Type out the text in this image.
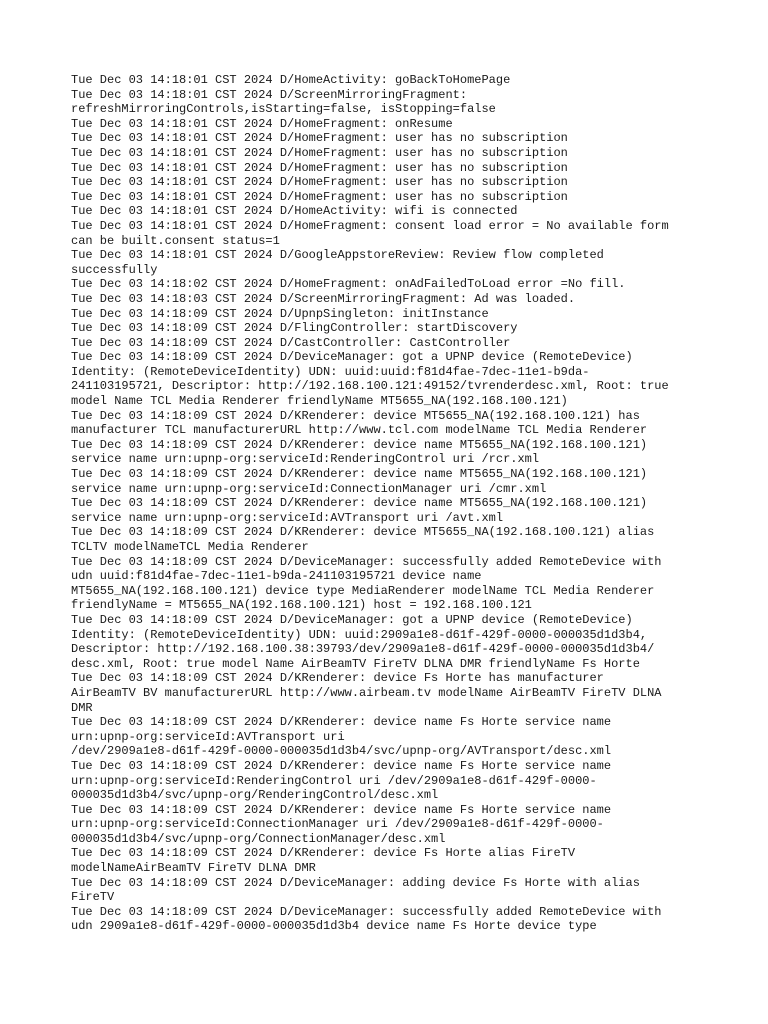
Tue Dec 03 14:18:01 CST 2024 D/HomeActivity: goBackToHomePage
Tue Dec 03 14:18:01 CST 2024 D/ScreenMirroringFragment:
refreshMirroringControls,isStarting=false, isStopping=false
Tue Dec 03 14:18:01 CST 2024 D/HomeFragment: onResume
Tue Dec 03 14:18:01 CST 2024 D/HomeFragment: user has no subscription
Tue Dec 03 14:18:01 CST 2024 D/HomeFragment: user has no subscription
Tue Dec 03 14:18:01 CST 2024 D/HomeFragment: user has no subscription
Tue Dec 03 14:18:01 CST 2024 D/HomeFragment: user has no subscription
Tue Dec 03 14:18:01 CST 2024 D/HomeFragment: user has no subscription
Tue Dec 03 14:18:01 CST 2024 D/HomeActivity: wifi is connected
Tue Dec 03 14:18:01 CST 2024 D/HomeFragment: consent load error = No available form
can be built.consent status=1
Tue Dec 03 14:18:01 CST 2024 D/GoogleAppstoreReview: Review flow completed
successfully
Tue Dec 03 14:18:02 CST 2024 D/HomeFragment: onAdFailedToLoad error =No fill.
Tue Dec 03 14:18:03 CST 2024 D/ScreenMirroringFragment: Ad was loaded.
Tue Dec 03 14:18:09 CST 2024 D/UpnpSingleton: initInstance
Tue Dec 03 14:18:09 CST 2024 D/FlingController: startDiscovery
Tue Dec 03 14:18:09 CST 2024 D/CastController: CastController
Tue Dec 03 14:18:09 CST 2024 D/DeviceManager: got a UPNP device (RemoteDevice)
Identity: (RemoteDeviceIdentity) UDN: uuid:uuid:f81d4fae-7dec-11e1-b9da-
241103195721, Descriptor: http://192.168.100.121:49152/tvrenderdesc.xml, Root: true
model Name TCL Media Renderer friendlyName MT5655_NA(192.168.100.121)
Tue Dec 03 14:18:09 CST 2024 D/KRenderer: device MT5655_NA(192.168.100.121) has
manufacturer TCL manufacturerURL http://www.tcl.com modelName TCL Media Renderer
Tue Dec 03 14:18:09 CST 2024 D/KRenderer: device name MT5655_NA(192.168.100.121)
service name urn:upnp-org:serviceId:RenderingControl uri /rcr.xml
Tue Dec 03 14:18:09 CST 2024 D/KRenderer: device name MT5655_NA(192.168.100.121)
service name urn:upnp-org:serviceId:ConnectionManager uri /cmr.xml
Tue Dec 03 14:18:09 CST 2024 D/KRenderer: device name MT5655_NA(192.168.100.121)
service name urn:upnp-org:serviceId:AVTransport uri /avt.xml
Tue Dec 03 14:18:09 CST 2024 D/KRenderer: device MT5655_NA(192.168.100.121) alias
TCLTV modelNameTCL Media Renderer
Tue Dec 03 14:18:09 CST 2024 D/DeviceManager: successfully added RemoteDevice with
udn uuid:f81d4fae-7dec-11e1-b9da-241103195721 device name
MT5655_NA(192.168.100.121) device type MediaRenderer modelName TCL Media Renderer
friendlyName = MT5655_NA(192.168.100.121) host = 192.168.100.121
Tue Dec 03 14:18:09 CST 2024 D/DeviceManager: got a UPNP device (RemoteDevice)
Identity: (RemoteDeviceIdentity) UDN: uuid:2909a1e8-d61f-429f-0000-000035d1d3b4,
Descriptor: http://192.168.100.38:39793/dev/2909a1e8-d61f-429f-0000-000035d1d3b4/
desc.xml, Root: true model Name AirBeamTV FireTV DLNA DMR friendlyName Fs Horte
Tue Dec 03 14:18:09 CST 2024 D/KRenderer: device Fs Horte has manufacturer
AirBeamTV BV manufacturerURL http://www.airbeam.tv modelName AirBeamTV FireTV DLNA
DMR
Tue Dec 03 14:18:09 CST 2024 D/KRenderer: device name Fs Horte service name
urn:upnp-org:serviceId:AVTransport uri
/dev/2909a1e8-d61f-429f-0000-000035d1d3b4/svc/upnp-org/AVTransport/desc.xml
Tue Dec 03 14:18:09 CST 2024 D/KRenderer: device name Fs Horte service name
urn:upnp-org:serviceId:RenderingControl uri /dev/2909a1e8-d61f-429f-0000-
000035d1d3b4/svc/upnp-org/RenderingControl/desc.xml
Tue Dec 03 14:18:09 CST 2024 D/KRenderer: device name Fs Horte service name
urn:upnp-org:serviceId:ConnectionManager uri /dev/2909a1e8-d61f-429f-0000-
000035d1d3b4/svc/upnp-org/ConnectionManager/desc.xml
Tue Dec 03 14:18:09 CST 2024 D/KRenderer: device Fs Horte alias FireTV
modelNameAirBeamTV FireTV DLNA DMR
Tue Dec 03 14:18:09 CST 2024 D/DeviceManager: adding device Fs Horte with alias
FireTV
Tue Dec 03 14:18:09 CST 2024 D/DeviceManager: successfully added RemoteDevice with
udn 2909a1e8-d61f-429f-0000-000035d1d3b4 device name Fs Horte device type
